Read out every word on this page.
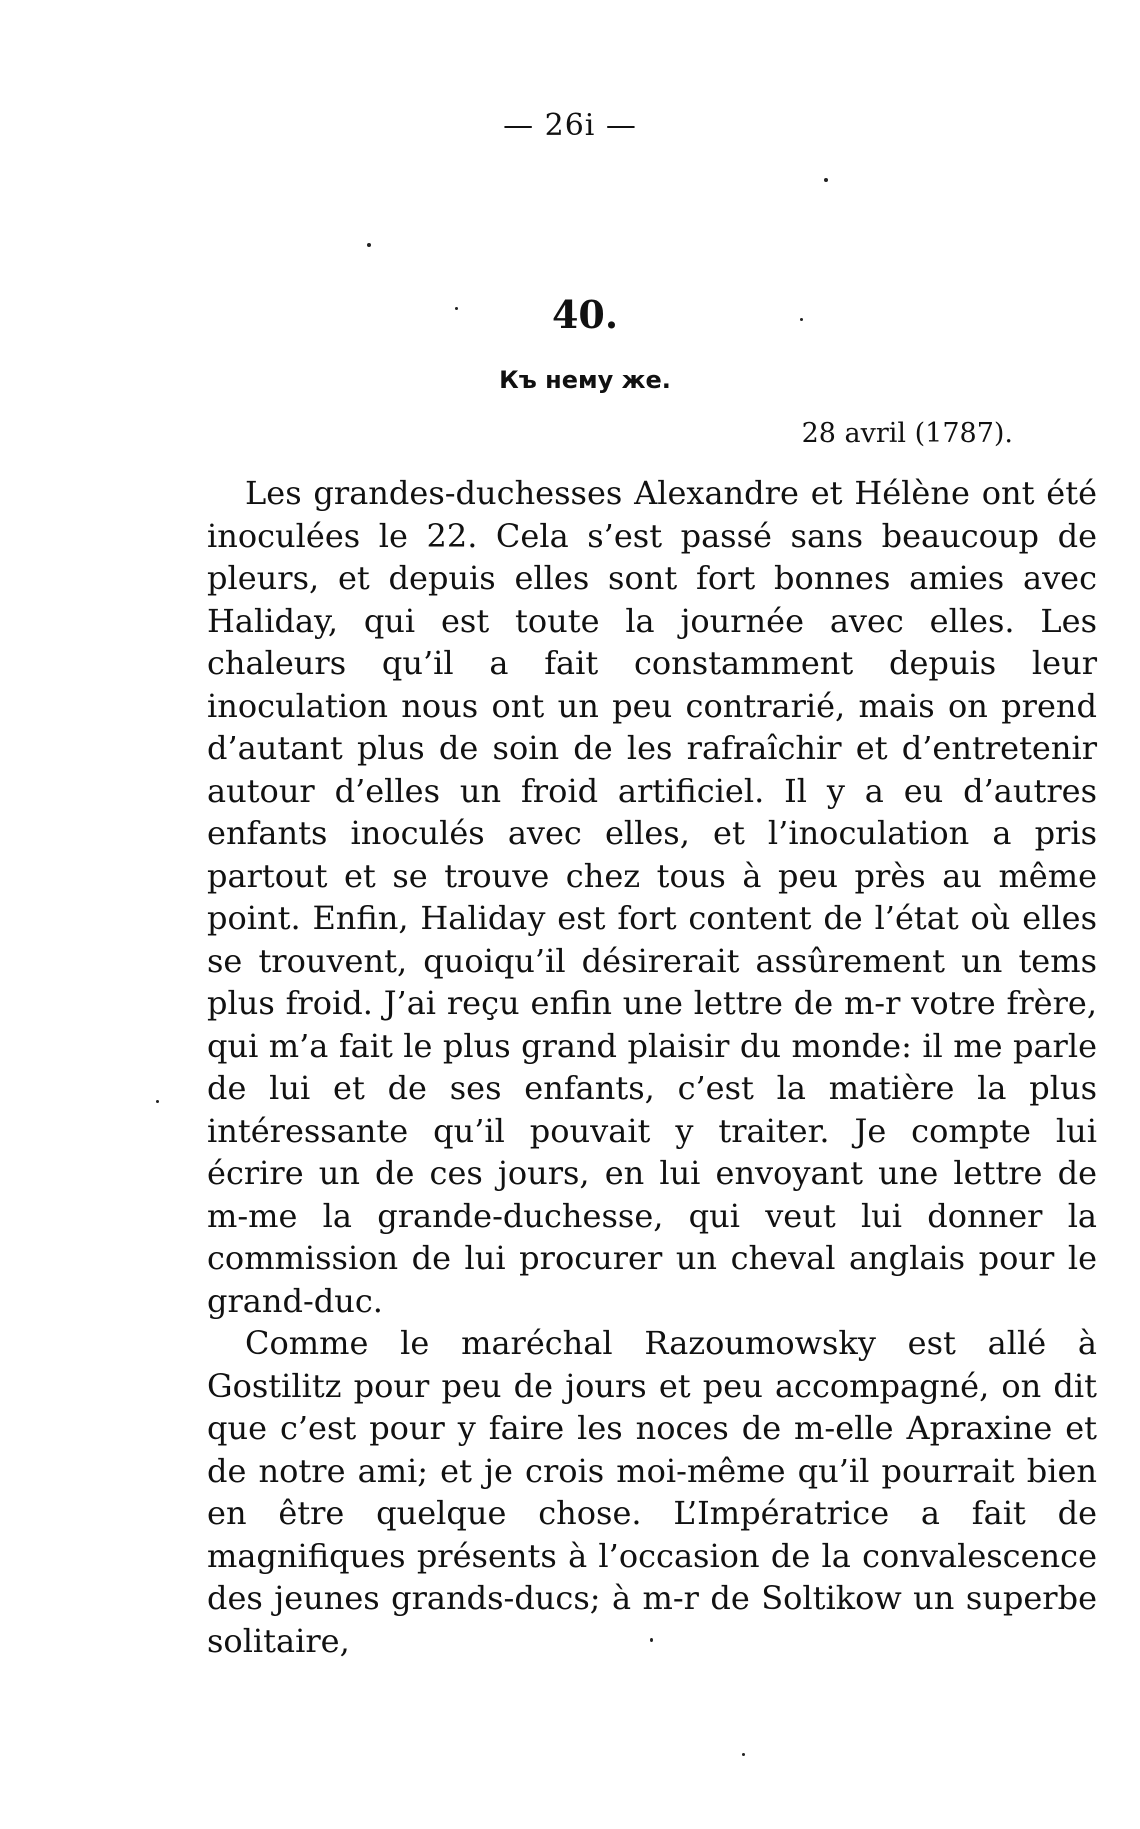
— 26i —
40.
Къ нему же.
28 avril (1787).

Les grandes-duchesses Alexandre et Hélène ont été inoculées le 22. Cela s’est passé sans beaucoup de pleurs, et depuis elles sont fort bonnes amies avec Haliday, qui est toute la journée avec elles. Les chaleurs qu’il a fait constamment depuis leur inoculation nous ont un peu contrarié, mais on prend d’autant plus de soin de les rafraîchir et d’entretenir autour d’elles un froid artificiel. Il y a eu d’autres enfants inoculés avec elles, et l’inoculation a pris partout et se trouve chez tous à peu près au même point. Enfin, Haliday est fort content de l’état où elles se trouvent, quoiqu’il désirerait assûrement un tems plus froid. J’ai reçu enfin une lettre de m-r votre frère, qui m’a fait le plus grand plaisir du monde: il me parle de lui et de ses enfants, c’est la matière la plus intéressante qu’il pouvait y traiter. Je compte lui écrire un de ces jours, en lui envoyant une lettre de m-me la grande-duchesse, qui veut lui donner la commission de lui procurer un cheval anglais pour le grand-duc.

Comme le maréchal Razoumowsky est allé à Gostilitz pour peu de jours et peu accompagné, on dit que c’est pour y faire les noces de m-elle Apraxine et de notre ami; et je crois moi-même qu’il pourrait bien en être quelque chose. L’Impératrice a fait de magnifiques présents à l’occasion de la convalescence des jeunes grands-ducs; à m-r de Soltikow un superbe solitaire,
